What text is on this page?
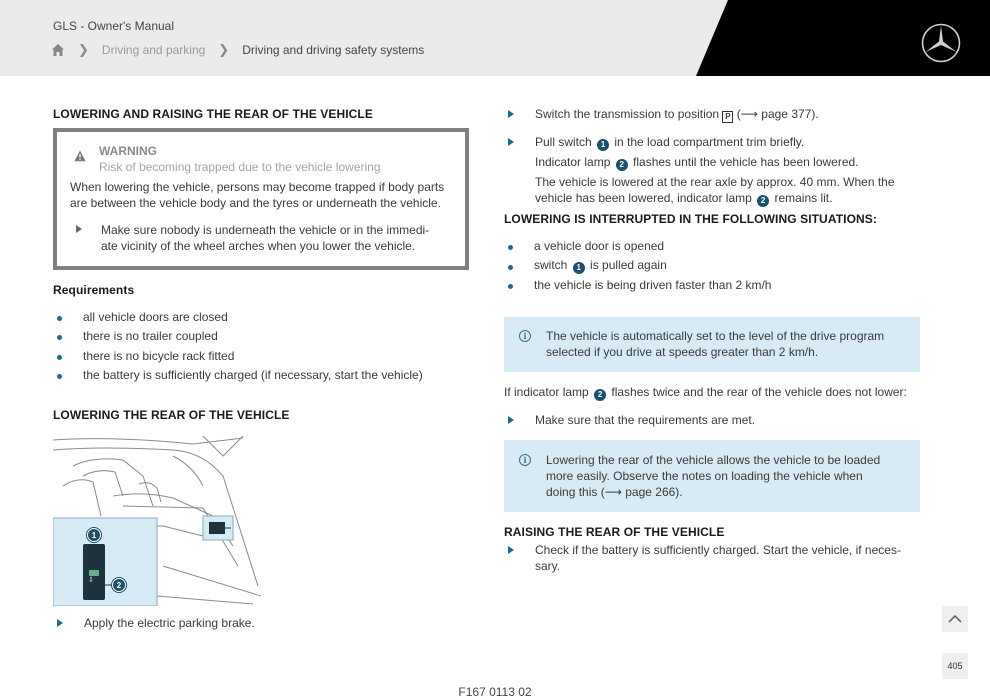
GLS - Owner's Manual
❯ Driving and parking ❯ Driving and driving safety systems
LOWERING AND RAISING THE REAR OF THE VEHICLE
WARNING
Risk of becoming trapped due to the vehicle lowering
When lowering the vehicle, persons may become trapped if body parts
are between the vehicle body and the tyres or underneath the vehicle.
Make sure nobody is underneath the vehicle or in the immedi-
ate vicinity of the wheel arches when you lower the vehicle.
Requirements
all vehicle doors are closed
there is no trailer coupled
there is no bicycle rack fitted
the battery is sufficiently charged (if necessary, start the vehicle)
LOWERING THE REAR OF THE VEHICLE
⇩
1
2
Apply the electric parking brake.
Switch the transmission to position P (⟶ page 377).
Pull switch 1 in the load compartment trim briefly.
Indicator lamp 2 flashes until the vehicle has been lowered.
The vehicle is lowered at the rear axle by approx. 40 mm. When the
vehicle has been lowered, indicator lamp 2 remains lit.
LOWERING IS INTERRUPTED IN THE FOLLOWING SITUATIONS:
a vehicle door is opened
switch 1 is pulled again
the vehicle is being driven faster than 2 km/h
i	The vehicle is automatically set to the level of the drive program
selected if you drive at speeds greater than 2 km/h.
If indicator lamp 2 flashes twice and the rear of the vehicle does not lower:
Make sure that the requirements are met.
i	Lowering the rear of the vehicle allows the vehicle to be loaded
more easily. Observe the notes on loading the vehicle when
doing this (⟶ page 266).
RAISING THE REAR OF THE VEHICLE
Check if the battery is sufficiently charged. Start the vehicle, if neces-
sary.
405
F167 0113 02
